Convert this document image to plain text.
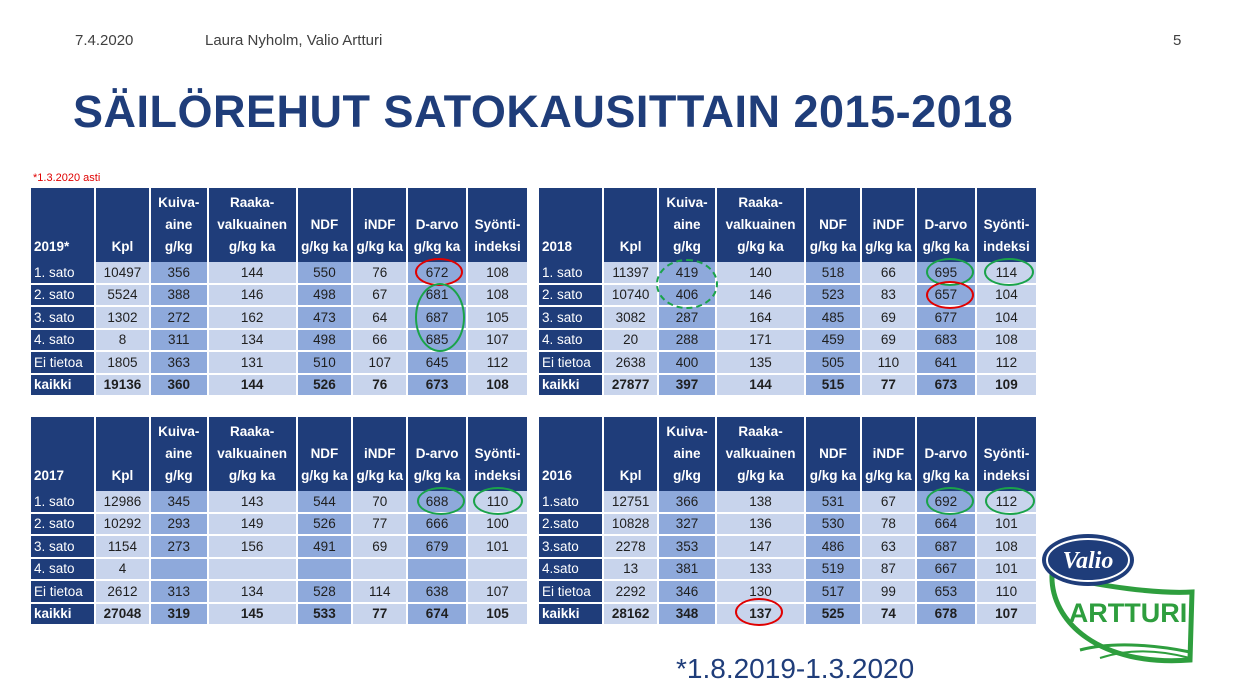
7.4.2020	Laura Nyholm, Valio Artturi	5
SÄILÖREHUT SATOKAUSITTAIN 2015-2018
*1.3.2020 asti
2019*	Kpl	Kuiva-
aine
g/kg	Raaka-
valkuainen
g/kg ka	NDF
g/kg ka	iNDF
g/kg ka	D-arvo
g/kg ka	Syönti-
indeksi
1. sato	10497	356	144	550	76	672	108
2. sato	5524	388	146	498	67	681	108
3. sato	1302	272	162	473	64	687	105
4. sato	8	311	134	498	66	685	107
Ei tietoa	1805	363	131	510	107	645	112
kaikki	19136	360	144	526	76	673	108
2018	Kpl	Kuiva-
aine
g/kg	Raaka-
valkuainen
g/kg ka	NDF
g/kg ka	iNDF
g/kg ka	D-arvo
g/kg ka	Syönti-
indeksi
1. sato	11397	419	140	518	66	695	114
2. sato	10740	406	146	523	83	657	104
3. sato	3082	287	164	485	69	677	104
4. sato	20	288	171	459	69	683	108
Ei tietoa	2638	400	135	505	110	641	112
kaikki	27877	397	144	515	77	673	109
2017	Kpl	Kuiva-
aine
g/kg	Raaka-
valkuainen
g/kg ka	NDF
g/kg ka	iNDF
g/kg ka	D-arvo
g/kg ka	Syönti-
indeksi
1. sato	12986	345	143	544	70	688	110
2. sato	10292	293	149	526	77	666	100
3. sato	1154	273	156	491	69	679	101
4. sato	4						
Ei tietoa	2612	313	134	528	114	638	107
kaikki	27048	319	145	533	77	674	105
2016	Kpl	Kuiva-
aine
g/kg	Raaka-
valkuainen
g/kg ka	NDF
g/kg ka	iNDF
g/kg ka	D-arvo
g/kg ka	Syönti-
indeksi
1.sato	12751	366	138	531	67	692	112
2.sato	10828	327	136	530	78	664	101
3.sato	2278	353	147	486	63	687	108
4.sato	13	381	133	519	87	667	101
Ei tietoa	2292	346	130	517	99	653	110
kaikki	28162	348	137	525	74	678	107
*1.8.2019-1.3.2020
Valio
ARTTURI
